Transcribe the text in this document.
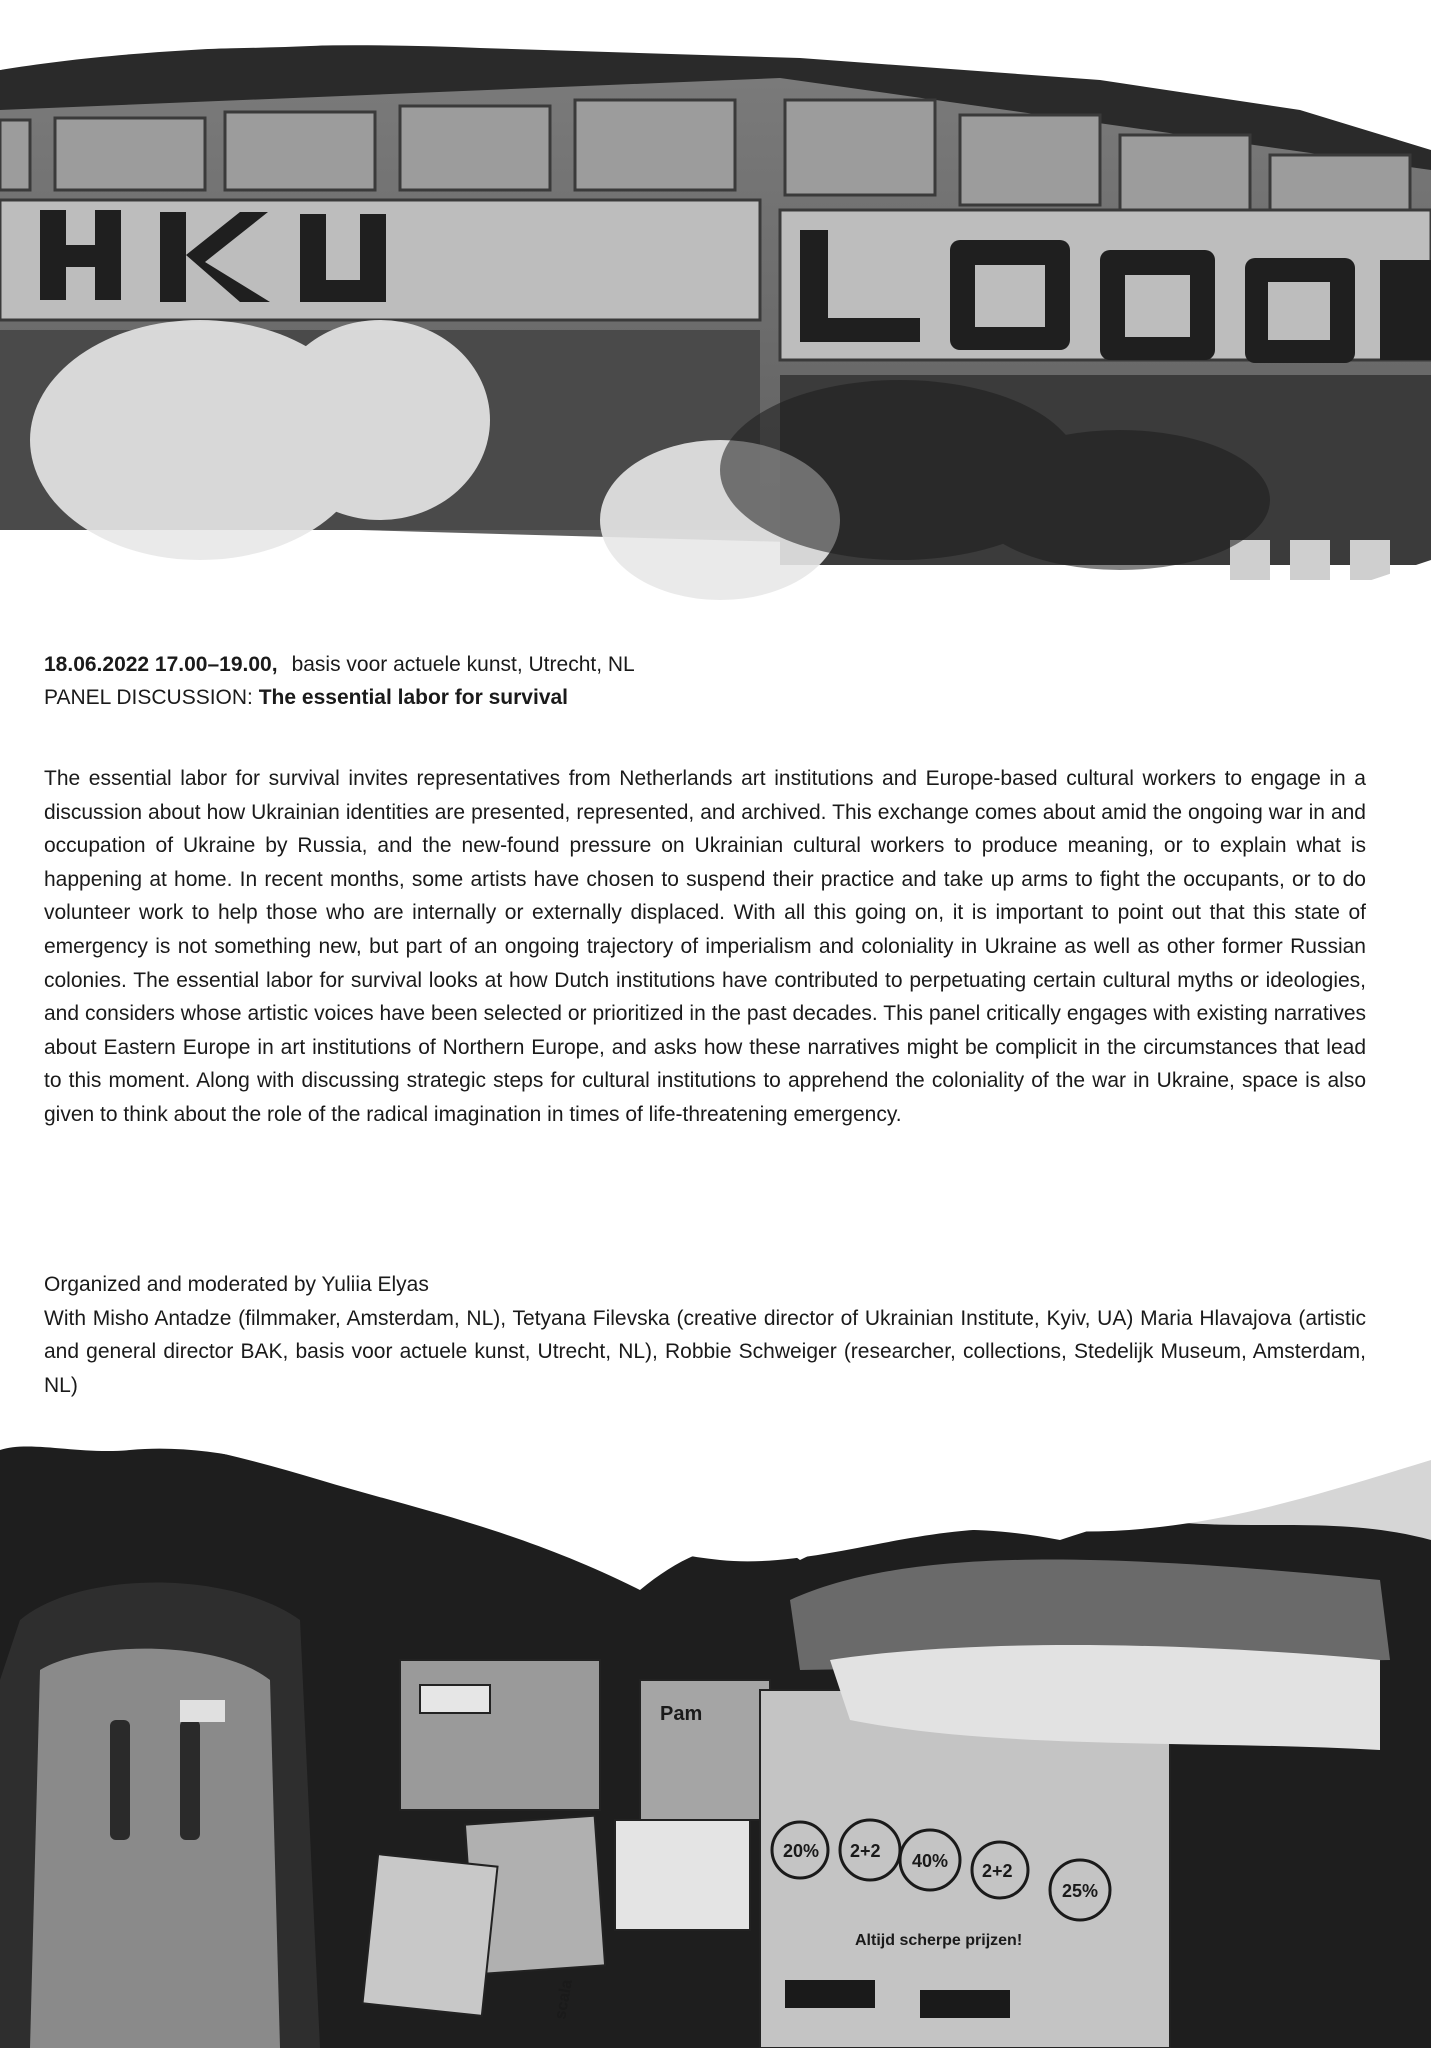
18.06.2022 17.00–19.00, basis voor actuele kunst, Utrecht, NL

PANEL DISCUSSION: The essential labor for survival

The essential labor for survival invites representatives from Netherlands art institutions and Europe-based cultural workers to engage in a discussion about how Ukrainian identities are presented, represented, and archived. This exchange comes about amid the ongoing war in and occupation of Ukraine by Russia, and the new-found pressure on Ukrainian cultural workers to produce meaning, or to explain what is happening at home. In recent months, some artists have chosen to suspend their practice and take up arms to fight the occupants, or to do volunteer work to help those who are internally or externally displaced. With all this going on, it is important to point out that this state of emergency is not something new, but part of an ongoing trajectory of imperialism and coloniality in Ukraine as well as other former Russian colonies. The essential labor for survival looks at how Dutch institutions have contributed to perpetuating certain cultural myths or ideologies, and considers whose artistic voices have been selected or prioritized in the past decades. This panel critically engages with existing narratives about Eastern Europe in art institutions of Northern Europe, and asks how these narratives might be complicit in the circumstances that lead to this moment. Along with discussing strategic steps for cultural institutions to apprehend the coloniality of the war in Ukraine, space is also given to think about the role of the radical imagination in times of life-threatening emergency.

Organized and moderated by Yuliia Elyas

With Misho Antadze (filmmaker, Amsterdam, NL), Tetyana Filevska (creative director of Ukrainian Institute, Kyiv, UA) Maria Hlavajova (artistic and general director BAK, basis voor actuele kunst, Utrecht, NL), Robbie Schweiger (researcher, collections, Stedelijk Museum, Amsterdam, NL)

20% 2+2 40% 2+2
25%
Altijd scherpe prijzen!
Pam
scala
